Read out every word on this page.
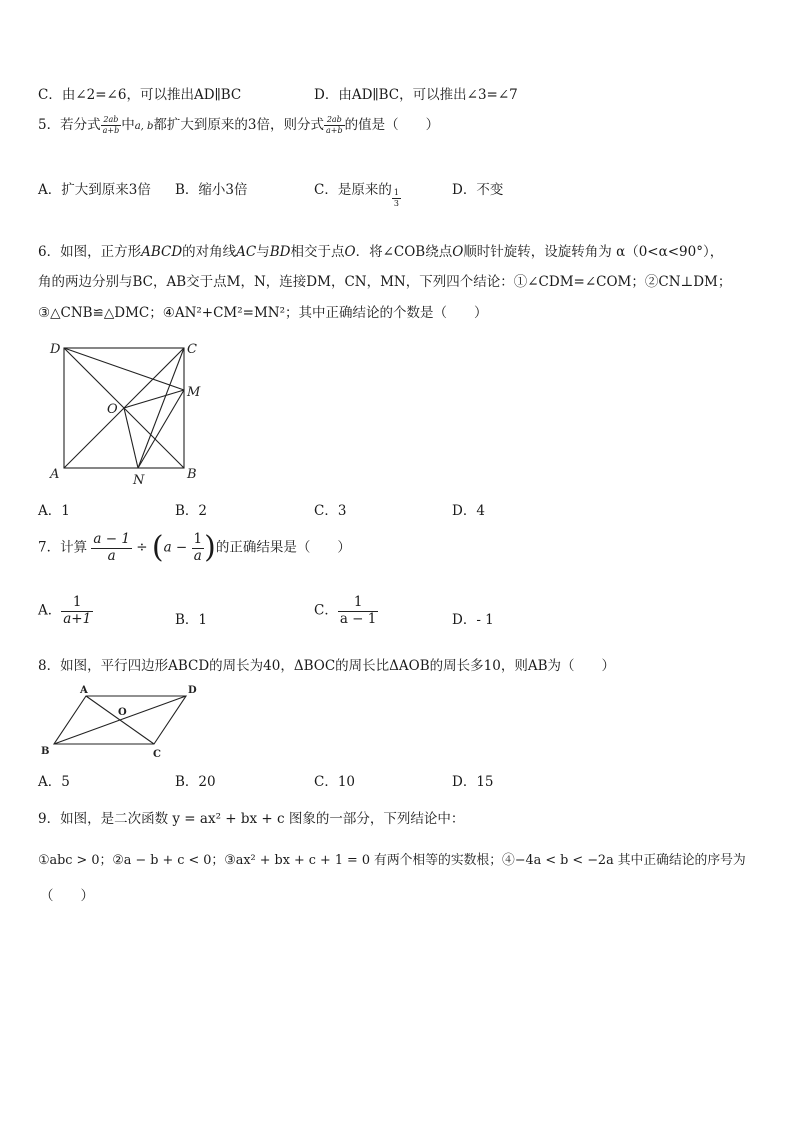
C．由∠2=∠6，可以推出AD∥BC	D．由AD∥BC，可以推出∠3=∠7
5．若分式 $\frac{2ab}{a+b}$ 中a, b都扩大到原来的3倍，则分式 $\frac{2ab}{a+b}$ 的值是（　　）
A．扩大到原来3倍 B．缩小3倍	C．是原来的 $\frac{1}{3}$	D．不变
6．如图，正方形ABCD的对角线AC与BD相交于点O．将∠COB绕点O顺时针旋转，设旋转角为 α（0<α<90°），
角的两边分别与BC，AB交于点M，N，连接DM，CN，MN，下列四个结论：①∠CDM=∠COM；②CN⊥DM；
③△CNB≌△DMC；④AN²+CM²=MN²；其中正确结论的个数是（　　）
D	C
M
O
A	B
N
A．1	B．2	C．3	D．4
7．计算 $\frac{a - 1}{a} \div (a - \frac{1}{a}$ )的正确结果是（　　）
A． $\frac{1}{a+1}$	B．1
C． $\frac{1}{a - 1}$	D．- 1
8．如图，平行四边形ABCD的周长为40，ΔBOC的周长比ΔAOB的周长多10，则AB为（　　）
A	D
O
B	C
A．5	B．20	C．10	D．15
9．如图，是二次函数 y = ax² + bx + c 图象的一部分，下列结论中：
①abc > 0；②a − b + c < 0；③ax² + bx + c + 1 = 0 有两个相等的实数根；④−4a < b < −2a 其中正确结论的序号为
（　　）
